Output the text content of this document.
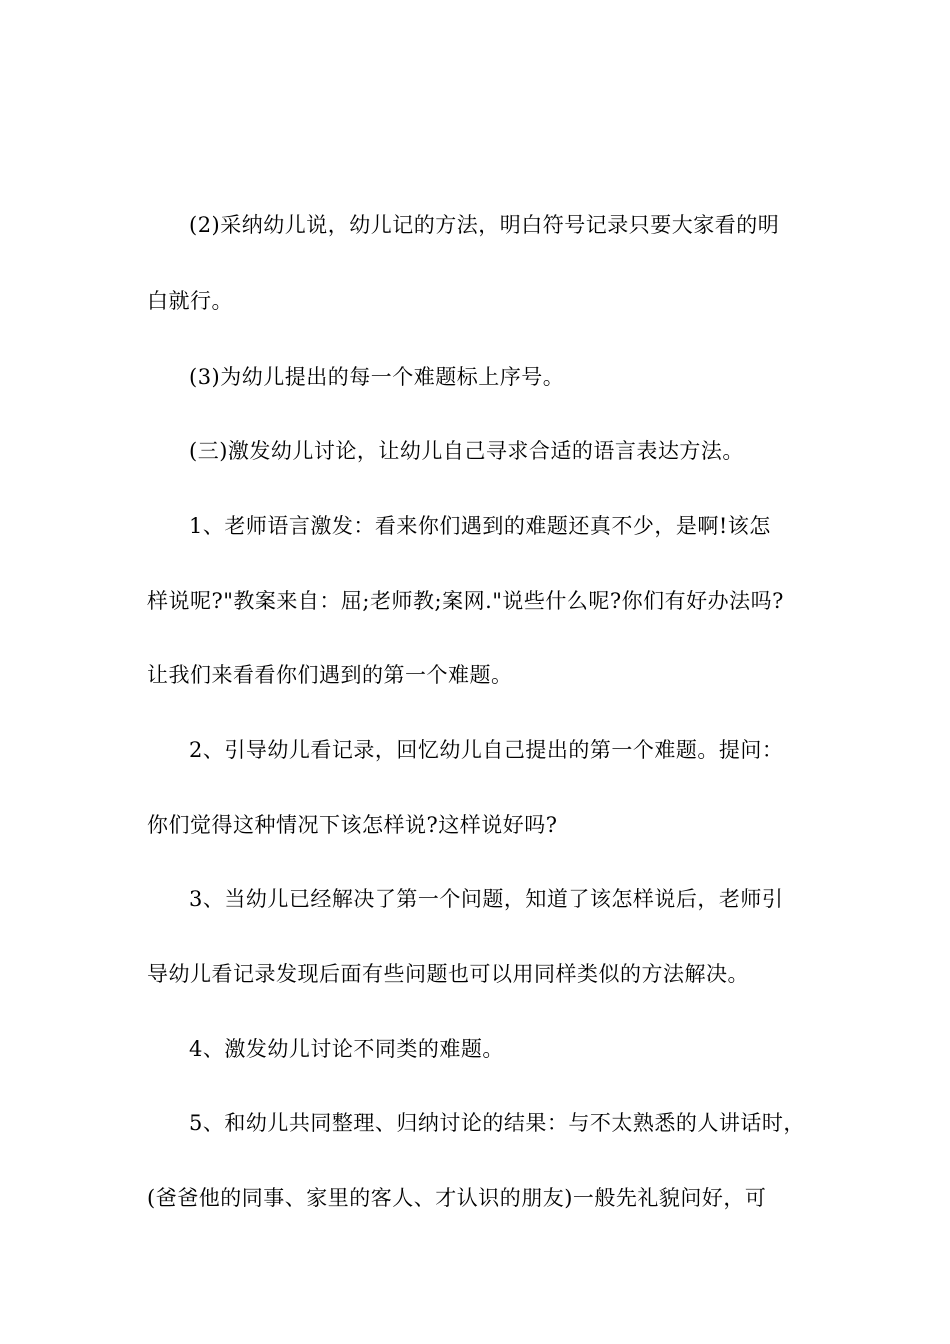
(2)采纳幼儿说，幼儿记的方法，明白符号记录只要大家看的明
白就行。
(3)为幼儿提出的每一个难题标上序号。
(三)激发幼儿讨论，让幼儿自己寻求合适的语言表达方法。
1、老师语言激发：看来你们遇到的难题还真不少，是啊!该怎
样说呢?"教案来自：屈;老师教;案网."说些什么呢?你们有好办法吗?
让我们来看看你们遇到的第一个难题。
2、引导幼儿看记录，回忆幼儿自己提出的第一个难题。提问：
你们觉得这种情况下该怎样说?这样说好吗?
3、当幼儿已经解决了第一个问题，知道了该怎样说后，老师引
导幼儿看记录发现后面有些问题也可以用同样类似的方法解决。
4、激发幼儿讨论不同类的难题。
5、和幼儿共同整理、归纳讨论的结果：与不太熟悉的人讲话时，
(爸爸他的同事、家里的客人、才认识的朋友)一般先礼貌问好，可
